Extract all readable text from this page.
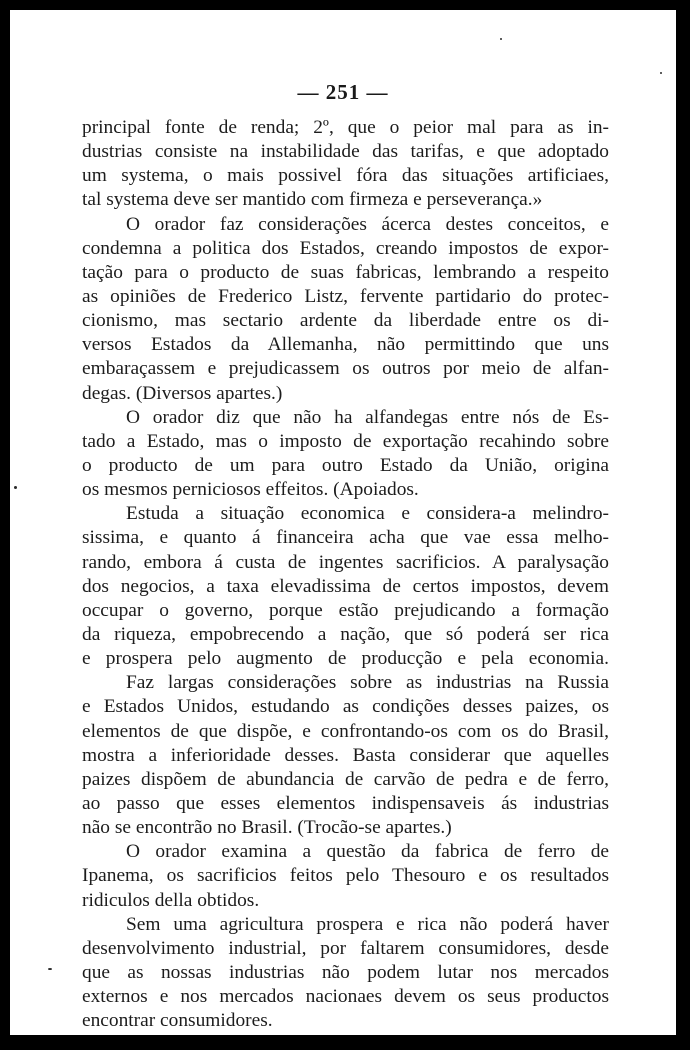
— 251 —
principal fonte de renda; 2º, que o peior mal para as in-
dustrias consiste na instabilidade das tarifas, e que adoptado
um systema, o mais possivel fóra das situações artificiaes,
tal systema deve ser mantido com firmeza e perseverança.»
O orador faz considerações ácerca destes conceitos, e
condemna a politica dos Estados, creando impostos de expor-
tação para o producto de suas fabricas, lembrando a respeito
as opiniões de Frederico Listz, fervente partidario do protec-
cionismo, mas sectario ardente da liberdade entre os di-
versos Estados da Allemanha, não permittindo que uns
embaraçassem e prejudicassem os outros por meio de alfan-
degas. (Diversos apartes.)
O orador diz que não ha alfandegas entre nós de Es-
tado a Estado, mas o imposto de exportação recahindo sobre
o producto de um para outro Estado da União, origina
os mesmos perniciosos effeitos. (Apoiados.
Estuda a situação economica e considera-a melindro-
sissima, e quanto á financeira acha que vae essa melho-
rando, embora á custa de ingentes sacrificios. A paralysação
dos negocios, a taxa elevadissima de certos impostos, devem
occupar o governo, porque estão prejudicando a formação
da riqueza, empobrecendo a nação, que só poderá ser rica
e prospera pelo augmento de producção e pela economia.
Faz largas considerações sobre as industrias na Russia
e Estados Unidos, estudando as condições desses paizes, os
elementos de que dispõe, e confrontando-os com os do Brasil,
mostra a inferioridade desses. Basta considerar que aquelles
paizes dispõem de abundancia de carvão de pedra e de ferro,
ao passo que esses elementos indispensaveis ás industrias
não se encontrão no Brasil. (Trocão-se apartes.)
O orador examina a questão da fabrica de ferro de
Ipanema, os sacrificios feitos pelo Thesouro e os resultados
ridiculos della obtidos.
Sem uma agricultura prospera e rica não poderá haver
desenvolvimento industrial, por faltarem consumidores, desde
que as nossas industrias não podem lutar nos mercados
externos e nos mercados nacionaes devem os seus productos
encontrar consumidores.
